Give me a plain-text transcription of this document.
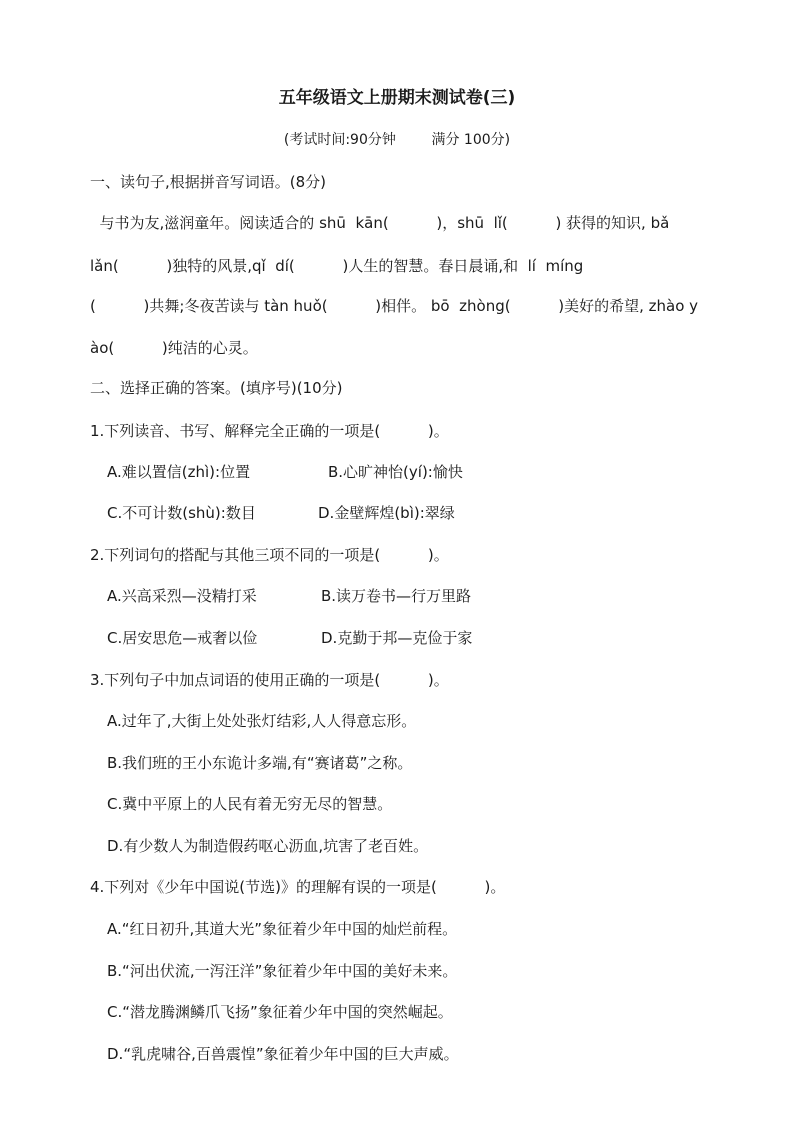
五年级语文上册期末测试卷(三)
(考试时间:90分钟        满分 100分)
一、读句子,根据拼音写词语。(8分)
与书为友,滋润童年。阅读适合的 shū  kān(          )，shū  lǐ(          ) 获得的知识, bǎ
lǎn(          )独特的风景,qǐ  dí(          )人生的智慧。春日晨诵,和  lí  míng
(          )共舞;冬夜苦读与 tàn huǒ(          )相伴。 bō  zhòng(          )美好的希望, zhào y
ào(          )纯洁的心灵。
二、选择正确的答案。(填序号)(10分)
1.下列读音、书写、解释完全正确的一项是(          )。
A.难以置信(zhì):位置	B.心旷神怡(yí):愉快
C.不可计数(shù):数目	D.金壁辉煌(bì):翠绿
2.下列词句的搭配与其他三项不同的一项是(          )。
A.兴高采烈—没精打采	B.读万卷书—行万里路
C.居安思危—戒奢以俭	D.克勤于邦—克俭于家
3.下列句子中加点词语的使用正确的一项是(          )。
A.过年了,大街上处处张灯结彩,人人得意忘形。
B.我们班的王小东诡计多端,有“赛诸葛”之称。
C.冀中平原上的人民有着无穷无尽的智慧。
D.有少数人为制造假药呕心沥血,坑害了老百姓。
4.下列对《少年中国说(节选)》的理解有误的一项是(          )。
A.“红日初升,其道大光”象征着少年中国的灿烂前程。
B.“河出伏流,一泻汪洋”象征着少年中国的美好未来。
C.“潜龙腾渊鳞爪飞扬”象征着少年中国的突然崛起。
D.“乳虎啸谷,百兽震惶”象征着少年中国的巨大声威。
